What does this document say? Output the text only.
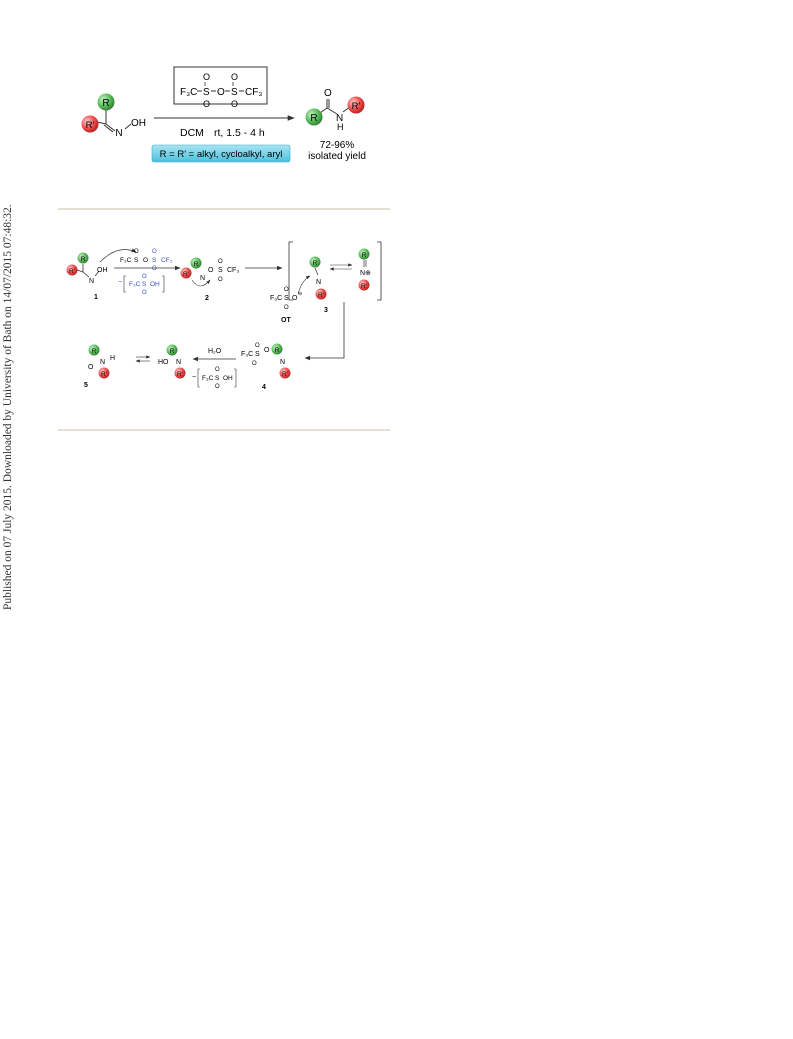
Published on 07 July 2015. Downloaded by University of Bath on 14/07/2015 07:48:32.
R
R'
N
OH
F₃C S O S CF₃
O
O
O
O
DCM rt, 1.5 - 4 h
R = R' = alkyl, cycloalkyl, aryl
O
N
H
R
R'
72-96%
isolated yield
R
R'
N
OH
1
F₃C S
O
O S
O
O
CF₃
− F₃C S
O
O
OH
R
R'
N
O S
O
O
CF₃
2
R
N
R'
3
R
N⊕
R'
F₃C S
O
O
O
⊖
OT
F₃C S
O
O
O R
N
R'
4
H₂O
− F₃C S
O
O
OH
HO
R
N
R'
R
O
N
H
R'
5
